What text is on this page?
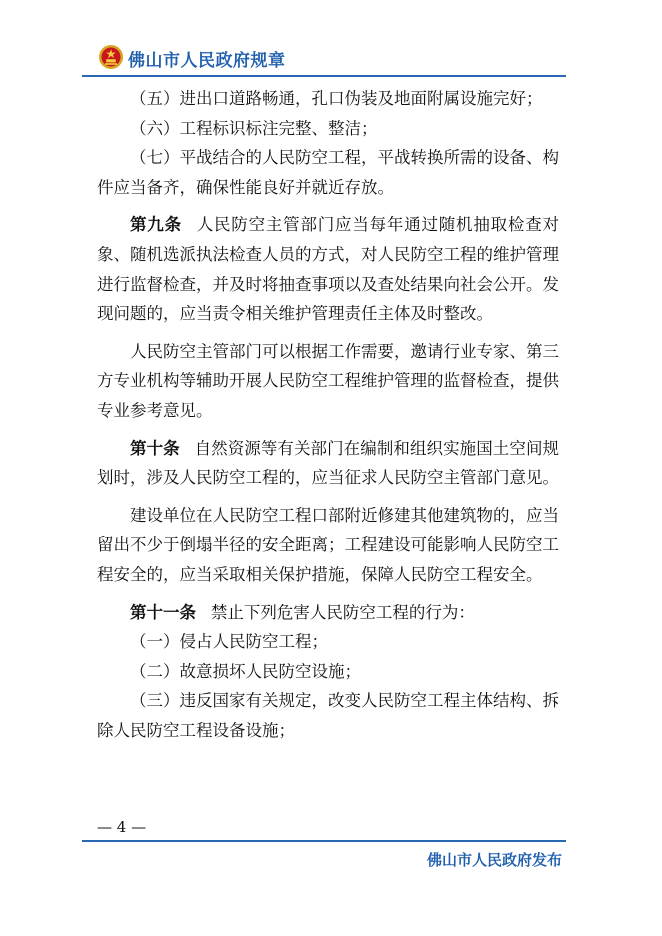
佛山市人民政府规章

（五）进出口道路畅通，孔口伪装及地面附属设施完好；

（六）工程标识标注完整、整洁；

（七）平战结合的人民防空工程，平战转换所需的设备、构件应当备齐，确保性能良好并就近存放。

第九条 人民防空主管部门应当每年通过随机抽取检查对象、随机选派执法检查人员的方式，对人民防空工程的维护管理进行监督检查，并及时将抽查事项以及查处结果向社会公开。发现问题的，应当责令相关维护管理责任主体及时整改。

人民防空主管部门可以根据工作需要，邀请行业专家、第三方专业机构等辅助开展人民防空工程维护管理的监督检查，提供专业参考意见。

第十条 自然资源等有关部门在编制和组织实施国土空间规划时，涉及人民防空工程的，应当征求人民防空主管部门意见。

建设单位在人民防空工程口部附近修建其他建筑物的，应当留出不少于倒塌半径的安全距离；工程建设可能影响人民防空工程安全的，应当采取相关保护措施，保障人民防空工程安全。

第十一条 禁止下列危害人民防空工程的行为：

（一）侵占人民防空工程；

（二）故意损坏人民防空设施；

（三）违反国家有关规定，改变人民防空工程主体结构、拆除人民防空工程设备设施；

— 4 —
佛山市人民政府发布
